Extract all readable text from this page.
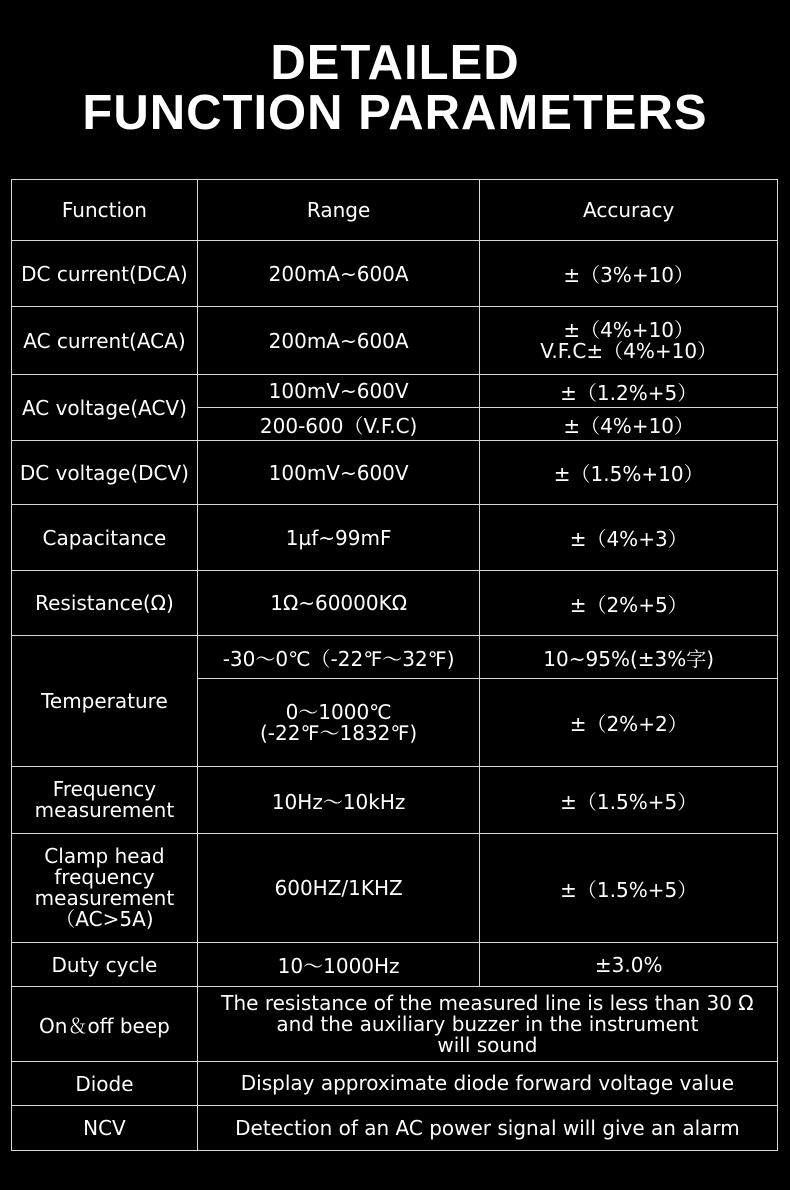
DETAILED
FUNCTION PARAMETERS
Function	Range	Accuracy
DC current(DCA)	200mA~600A	±（3%+10）
AC current(ACA)	200mA~600A	±（4%+10）
V.F.C±（4%+10）

AC voltage(ACV)	100mV~600V	±（1.2%+5）
	200-600（V.F.C)	±（4%+10）
DC voltage(DCV)	100mV~600V	±（1.5%+10）
Capacitance	1µf~99mF	±（4%+3）
Resistance(Ω)	1Ω~60000KΩ	±（2%+5）
Temperature	-30～0℃（-22℉～32℉)	10~95%(±3%字)

	0～1000℃
(-22℉～1832℉)	±（2%+2）

Frequency
measurement	10Hz～10kHz	±（1.5%+5）

Clamp head
frequency
measurement
（AC>5A)	600HZ/1KHZ	±（1.5%+5）
Duty cycle	10～1000Hz	±3.0%
On＆off beep	The resistance of the measured line is less than 30 Ω
and the auxiliary buzzer in the instrument
will sound	

Diode	Display approximate diode forward voltage value	
NCV	Detection of an AC power signal will give an alarm	
